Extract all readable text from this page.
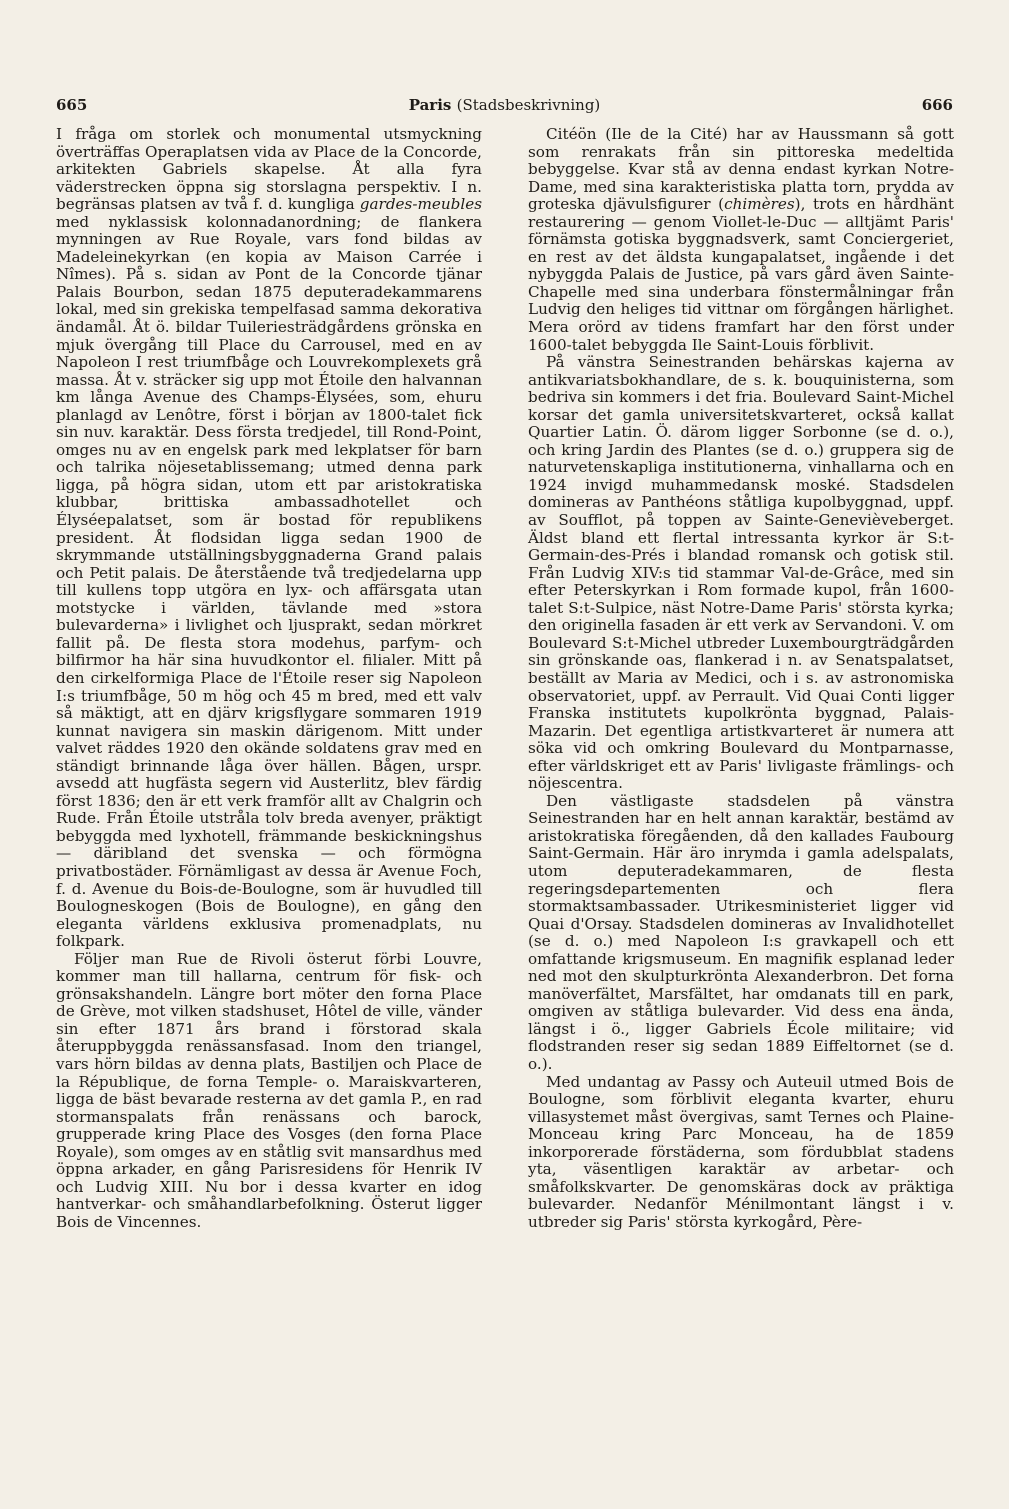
665	Paris (Stadsbeskrivning)	666

I fråga om storlek och monumental utsmyckning överträffas Operaplatsen vida av Place de la Concorde, arkitekten Gabriels skapelse. Åt alla fyra väderstrecken öppna sig storslagna perspektiv. I n. begränsas platsen av två f. d. kungliga gardes-meubles med nyklassisk kolonnadanordning; de flankera mynningen av Rue Royale, vars fond bildas av Madeleinekyrkan (en kopia av Maison Carrée i Nîmes). På s. sidan av Pont de la Concorde tjänar Palais Bourbon, sedan 1875 deputeradekammarens lokal, med sin grekiska tempelfasad samma dekorativa ändamål. Åt ö. bildar Tuileriesträdgårdens grönska en mjuk övergång till Place du Carrousel, med en av Napoleon I rest triumfbåge och Louvrekomplexets grå massa. Åt v. sträcker sig upp mot Étoile den halvannan km långa Avenue des Champs-Élysées, som, ehuru planlagd av Lenôtre, först i början av 1800-talet fick sin nuv. karaktär. Dess första tredjedel, till Rond-Point, omges nu av en engelsk park med lekplatser för barn och talrika nöjesetablissemang; utmed denna park ligga, på högra sidan, utom ett par aristokratiska klubbar, brittiska ambassadhotellet och Élyséepalatset, som är bostad för republikens president. Åt flodsidan ligga sedan 1900 de skrymmande utställningsbyggnaderna Grand palais och Petit palais. De återstående två tredjedelarna upp till kullens topp utgöra en lyx- och affärsgata utan motstycke i världen, tävlande med »stora bulevarderna» i livlighet och ljusprakt, sedan mörkret fallit på. De flesta stora modehus, parfym- och bilfirmor ha här sina huvudkontor el. filialer. Mitt på den cirkelformiga Place de l'Étoile reser sig Napoleon I:s triumfbåge, 50 m hög och 45 m bred, med ett valv så mäktigt, att en djärv krigsflygare sommaren 1919 kunnat navigera sin maskin därigenom. Mitt under valvet räddes 1920 den okände soldatens grav med en ständigt brinnande låga över hällen. Bågen, urspr. avsedd att hugfästa segern vid Austerlitz, blev färdig först 1836; den är ett verk framför allt av Chalgrin och Rude. Från Étoile utstråla tolv breda avenyer, präktigt bebyggda med lyxhotell, främmande beskickningshus — däribland det svenska — och förmögna privatbostäder. Förnämligast av dessa är Avenue Foch, f. d. Avenue du Bois-de-Boulogne, som är huvudled till Boulogneskogen (Bois de Boulogne), en gång den eleganta världens exklusiva promenadplats, nu folkpark.

Följer man Rue de Rivoli österut förbi Louvre, kommer man till hallarna, centrum för fisk- och grönsakshandeln. Längre bort möter den forna Place de Grève, mot vilken stadshuset, Hôtel de ville, vänder sin efter 1871 års brand i förstorad skala återuppbyggda renässansfasad. Inom den triangel, vars hörn bildas av denna plats, Bastiljen och Place de la République, de forna Temple- o. Maraiskvarteren, ligga de bäst bevarade resterna av det gamla P., en rad stormanspalats från renässans och barock, grupperade kring Place des Vosges (den forna Place Royale), som omges av en ståtlig svit mansardhus med öppna arkader, en gång Parisresidens för Henrik IV och Ludvig XIII. Nu bor i dessa kvarter en idog hantverkar- och småhandlarbefolkning. Österut ligger Bois de Vincennes.

Citéön (Ile de la Cité) har av Haussmann så gott som renrakats från sin pittoreska medeltida bebyggelse. Kvar stå av denna endast kyrkan Notre-Dame, med sina karakteristiska platta torn, prydda av groteska djävulsfigurer (chimères), trots en hårdhänt restaurering — genom Viollet-le-Duc — alltjämt Paris' förnämsta gotiska byggnadsverk, samt Conciergeriet, en rest av det äldsta kungapalatset, ingående i det nybyggda Palais de Justice, på vars gård även Sainte-Chapelle med sina underbara fönstermålningar från Ludvig den heliges tid vittnar om förgången härlighet. Mera orörd av tidens framfart har den först under 1600-talet bebyggda Ile Saint-Louis förblivit.

På vänstra Seinestranden behärskas kajerna av antikvariatsbokhandlare, de s. k. bouquinisterna, som bedriva sin kommers i det fria. Boulevard Saint-Michel korsar det gamla universitetskvarteret, också kallat Quartier Latin. Ö. därom ligger Sorbonne (se d. o.), och kring Jardin des Plantes (se d. o.) gruppera sig de naturvetenskapliga institutionerna, vinhallarna och en 1924 invigd muhammedansk moské. Stadsdelen domineras av Panthéons ståtliga kupolbyggnad, uppf. av Soufflot, på toppen av Sainte-Genevièveberget. Äldst bland ett flertal intressanta kyrkor är S:t-Germain-des-Prés i blandad romansk och gotisk stil. Från Ludvig XIV:s tid stammar Val-de-Grâce, med sin efter Peterskyrkan i Rom formade kupol, från 1600-talet S:t-Sulpice, näst Notre-Dame Paris' största kyrka; den originella fasaden är ett verk av Servandoni. V. om Boulevard S:t-Michel utbreder Luxembourgträdgården sin grönskande oas, flankerad i n. av Senatspalatset, beställt av Maria av Medici, och i s. av astronomiska observatoriet, uppf. av Perrault. Vid Quai Conti ligger Franska institutets kupolkrönta byggnad, Palais-Mazarin. Det egentliga artistkvarteret är numera att söka vid och omkring Boulevard du Montparnasse, efter världskriget ett av Paris' livligaste främlings- och nöjescentra.

Den västligaste stadsdelen på vänstra Seinestranden har en helt annan karaktär, bestämd av aristokratiska föregåenden, då den kallades Faubourg Saint-Germain. Här äro inrymda i gamla adelspalats, utom deputeradekammaren, de flesta regeringsdepartementen och flera stormaktsambassader. Utrikesministeriet ligger vid Quai d'Orsay. Stadsdelen domineras av Invalidhotellet (se d. o.) med Napoleon I:s gravkapell och ett omfattande krigsmuseum. En magnifik esplanad leder ned mot den skulpturkrönta Alexanderbron. Det forna manöverfältet, Marsfältet, har omdanats till en park, omgiven av ståtliga bulevarder. Vid dess ena ända, längst i ö., ligger Gabriels École militaire; vid flodstranden reser sig sedan 1889 Eiffeltornet (se d. o.).

Med undantag av Passy och Auteuil utmed Bois de Boulogne, som förblivit eleganta kvarter, ehuru villasystemet måst övergivas, samt Ternes och Plaine-Monceau kring Parc Monceau, ha de 1859 inkorporerade förstäderna, som fördubblat stadens yta, väsentligen karaktär av arbetar- och småfolkskvarter. De genomskäras dock av präktiga bulevarder. Nedanför Ménilmontant längst i v. utbreder sig Paris' största kyrkogård, Père-
